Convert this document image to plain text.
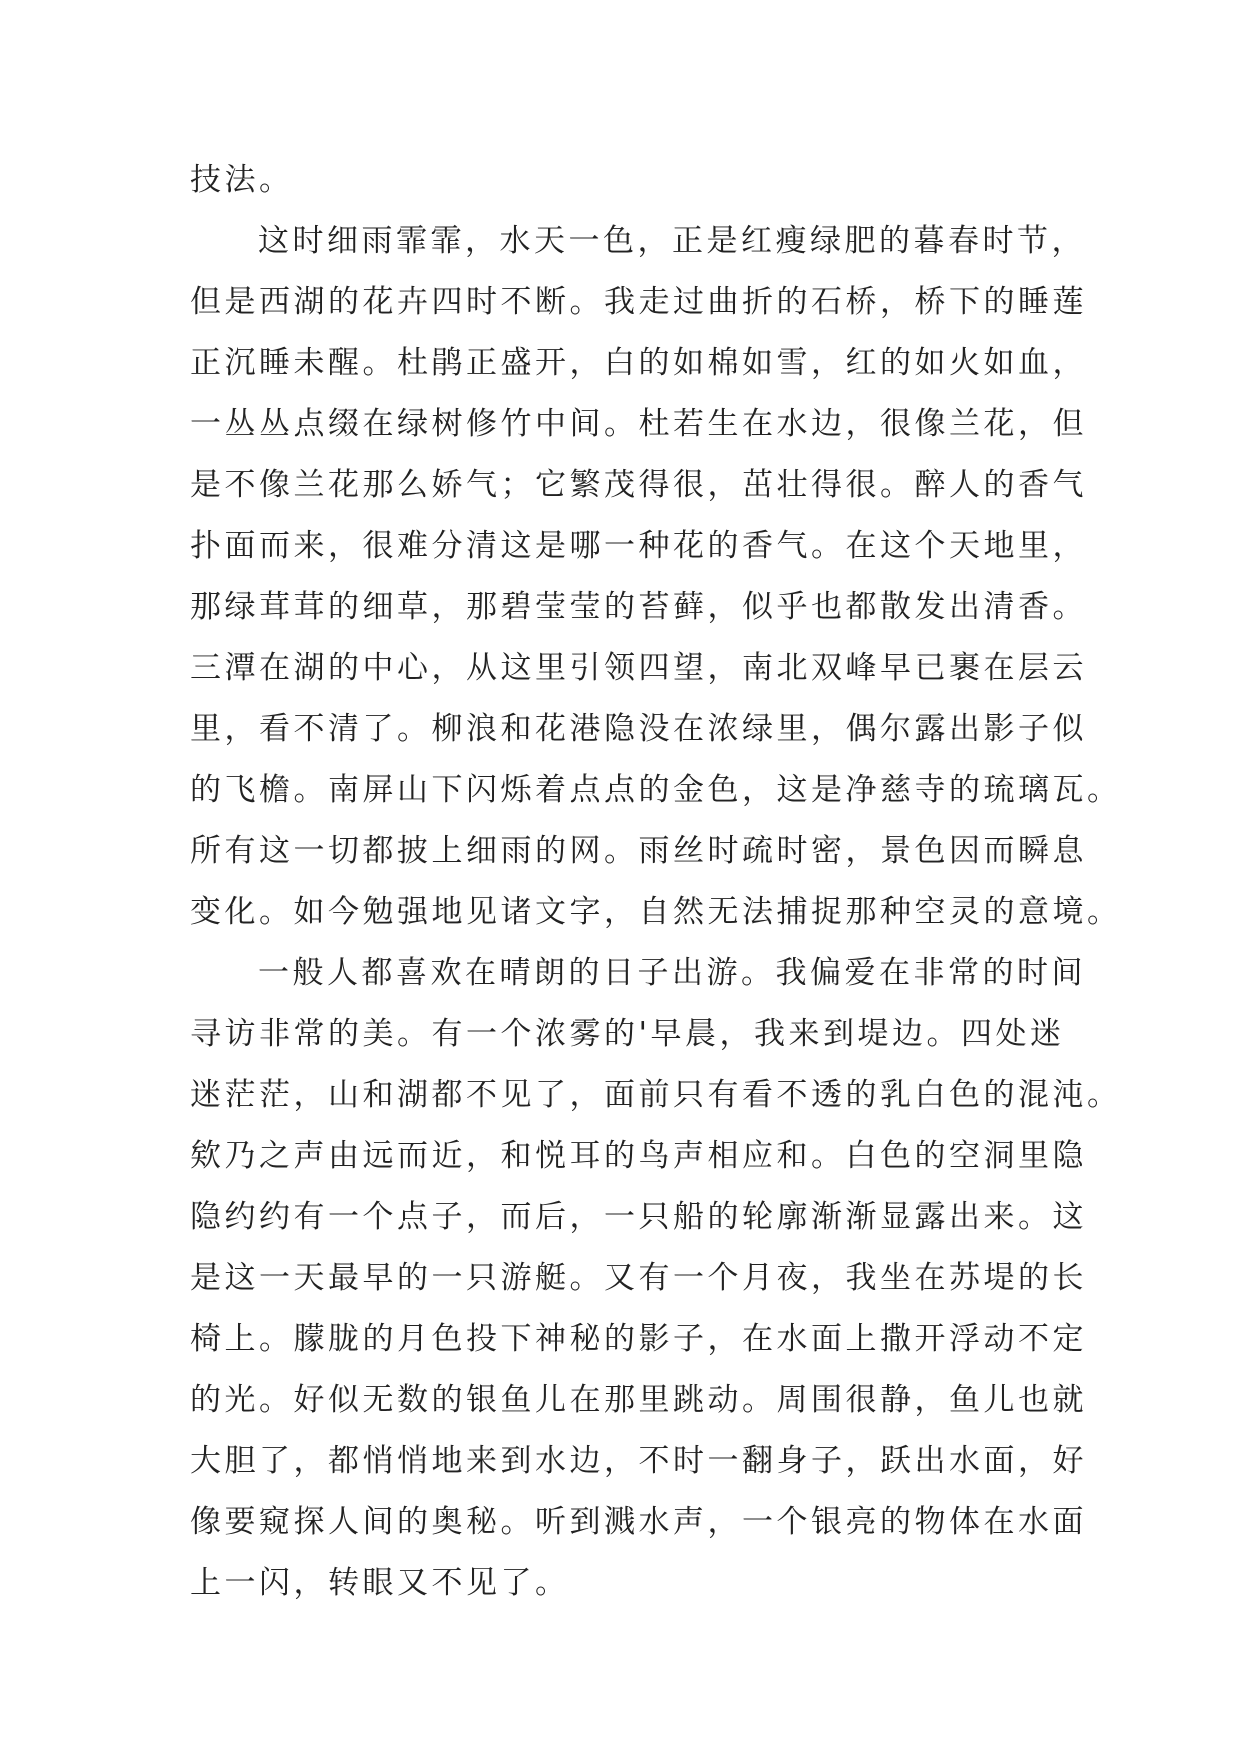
技法。
这时细雨霏霏，水天一色，正是红瘦绿肥的暮春时节，
但是西湖的花卉四时不断。我走过曲折的石桥，桥下的睡莲
正沉睡未醒。杜鹃正盛开，白的如棉如雪，红的如火如血，
一丛丛点缀在绿树修竹中间。杜若生在水边，很像兰花，但
是不像兰花那么娇气；它繁茂得很，茁壮得很。醉人的香气
扑面而来，很难分清这是哪一种花的香气。在这个天地里，
那绿茸茸的细草，那碧莹莹的苔藓，似乎也都散发出清香。
三潭在湖的中心，从这里引领四望，南北双峰早已裹在层云
里，看不清了。柳浪和花港隐没在浓绿里，偶尔露出影子似
的飞檐。南屏山下闪烁着点点的金色，这是净慈寺的琉璃瓦。
所有这一切都披上细雨的网。雨丝时疏时密，景色因而瞬息
变化。如今勉强地见诸文字，自然无法捕捉那种空灵的意境。
一般人都喜欢在晴朗的日子出游。我偏爱在非常的时间
寻访非常的美。有一个浓雾的'早晨，我来到堤边。四处迷
迷茫茫，山和湖都不见了，面前只有看不透的乳白色的混沌。
欸乃之声由远而近，和悦耳的鸟声相应和。白色的空洞里隐
隐约约有一个点子，而后，一只船的轮廓渐渐显露出来。这
是这一天最早的一只游艇。又有一个月夜，我坐在苏堤的长
椅上。朦胧的月色投下神秘的影子，在水面上撒开浮动不定
的光。好似无数的银鱼儿在那里跳动。周围很静，鱼儿也就
大胆了，都悄悄地来到水边，不时一翻身子，跃出水面，好
像要窥探人间的奥秘。听到溅水声，一个银亮的物体在水面
上一闪，转眼又不见了。
